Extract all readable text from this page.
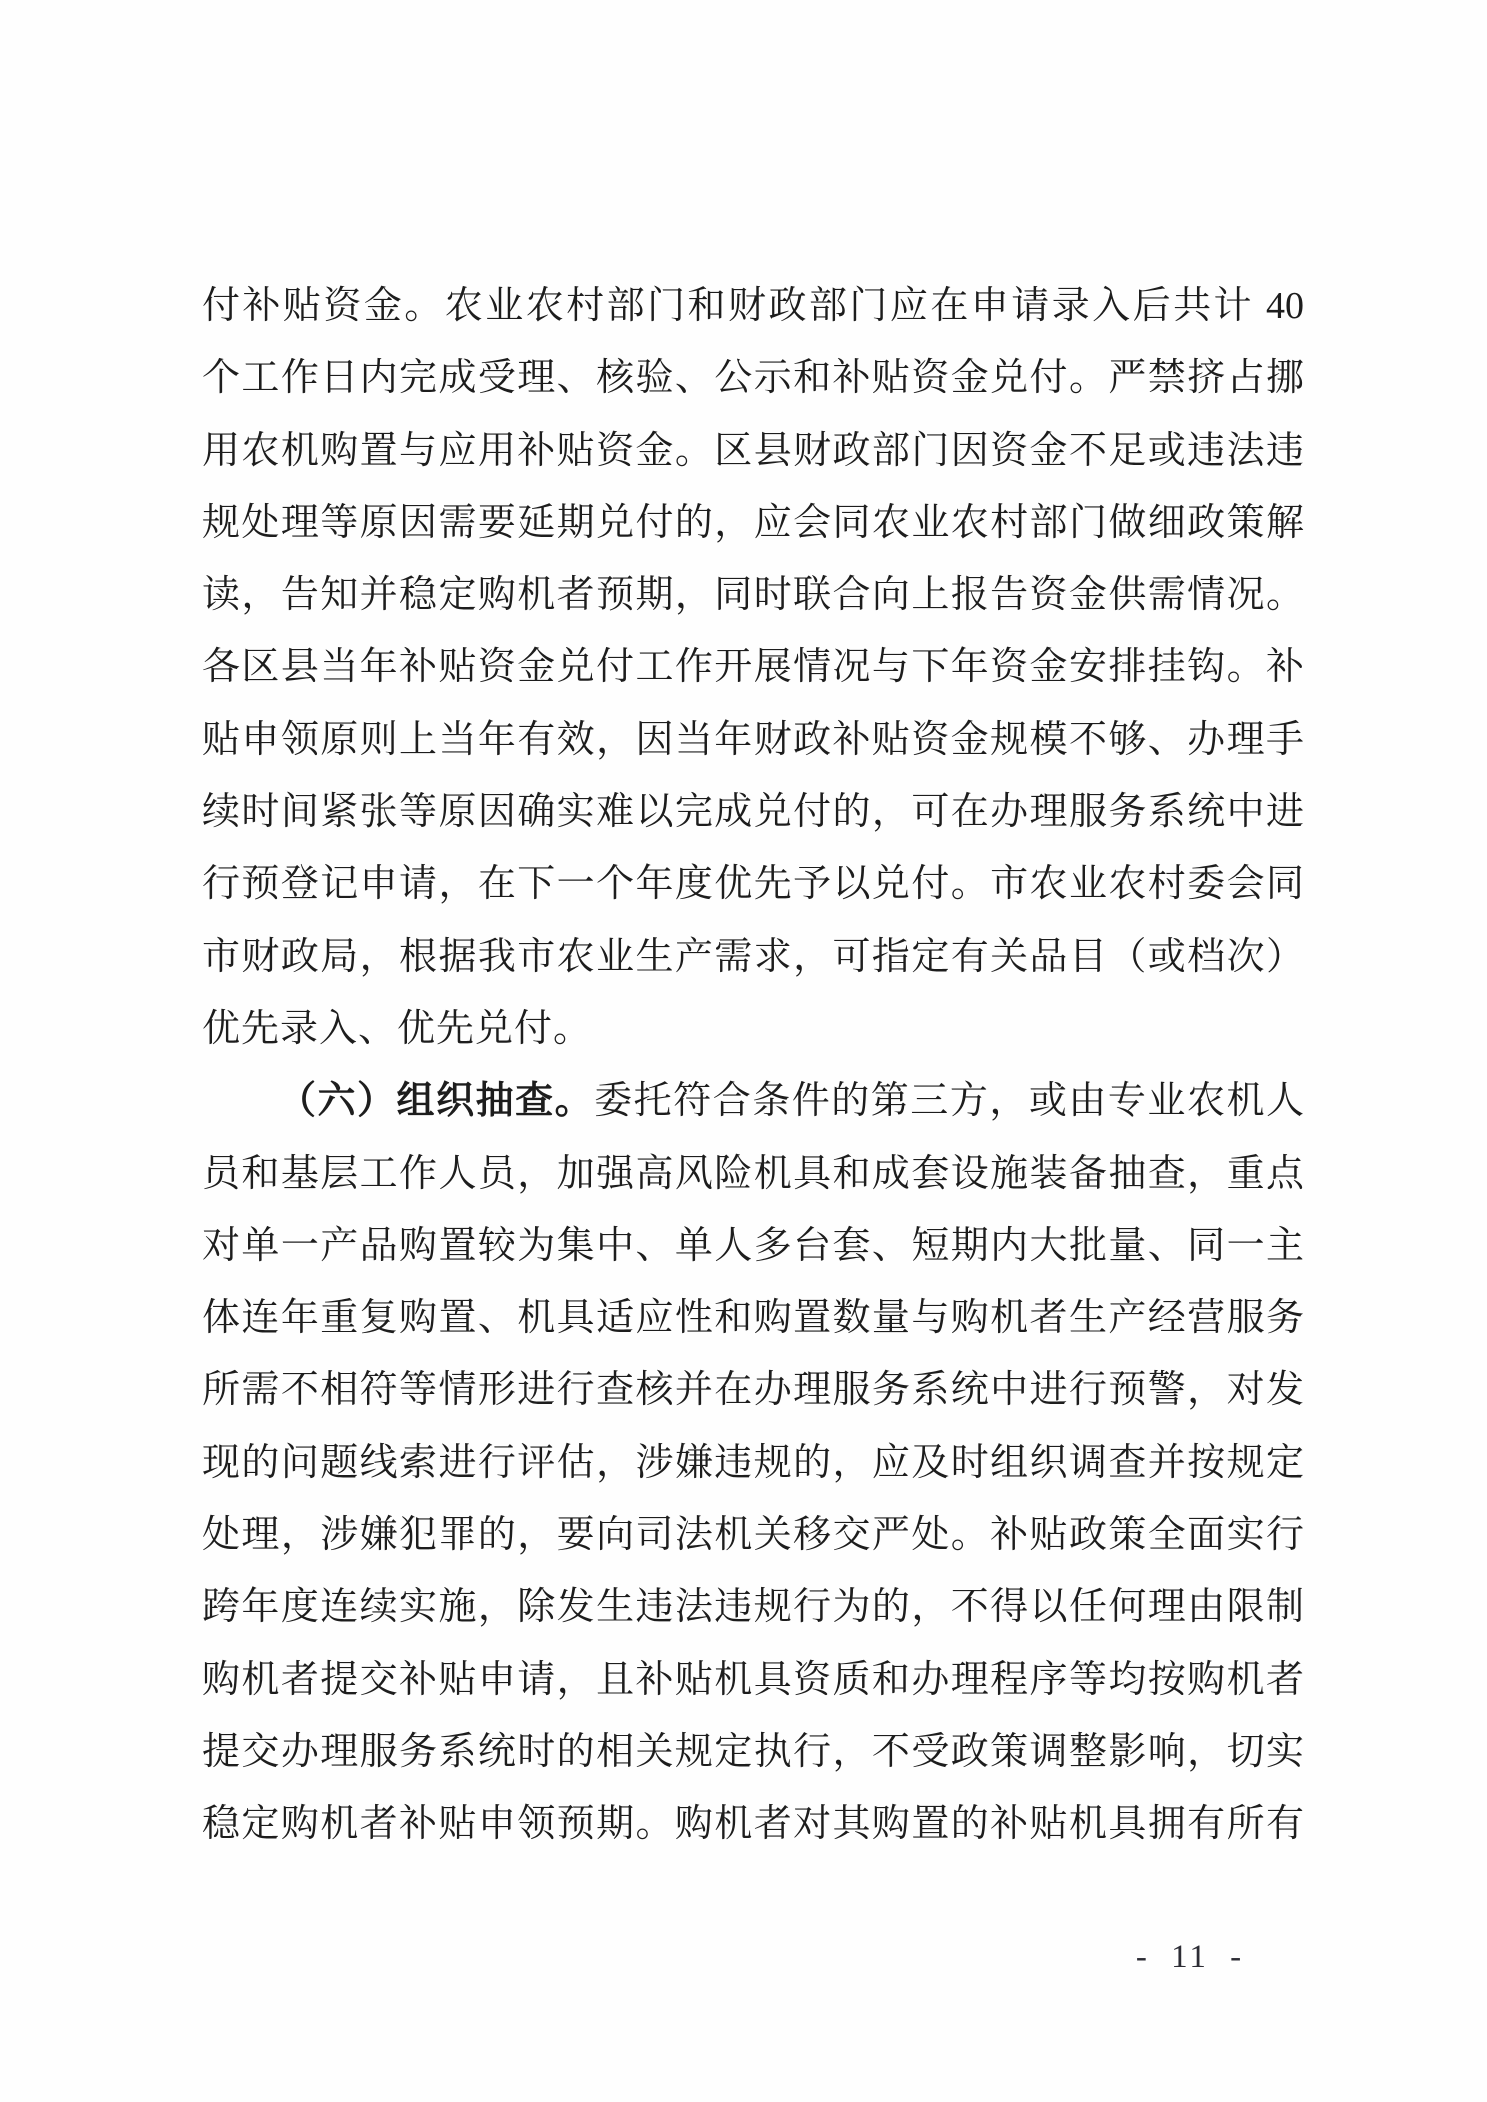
付补贴资金。农业农村部门和财政部门应在申请录入后共计 40
个工作日内完成受理、核验、公示和补贴资金兑付。严禁挤占挪
用农机购置与应用补贴资金。区县财政部门因资金不足或违法违
规处理等原因需要延期兑付的，应会同农业农村部门做细政策解
读，告知并稳定购机者预期，同时联合向上报告资金供需情况。
各区县当年补贴资金兑付工作开展情况与下年资金安排挂钩。补
贴申领原则上当年有效，因当年财政补贴资金规模不够、办理手
续时间紧张等原因确实难以完成兑付的，可在办理服务系统中进
行预登记申请，在下一个年度优先予以兑付。市农业农村委会同
市财政局，根据我市农业生产需求，可指定有关品目（或档次）
优先录入、优先兑付。
（六）组织抽查。委托符合条件的第三方，或由专业农机人
员和基层工作人员，加强高风险机具和成套设施装备抽查，重点
对单一产品购置较为集中、单人多台套、短期内大批量、同一主
体连年重复购置、机具适应性和购置数量与购机者生产经营服务
所需不相符等情形进行查核并在办理服务系统中进行预警，对发
现的问题线索进行评估，涉嫌违规的，应及时组织调查并按规定
处理，涉嫌犯罪的，要向司法机关移交严处。补贴政策全面实行
跨年度连续实施，除发生违法违规行为的，不得以任何理由限制
购机者提交补贴申请，且补贴机具资质和办理程序等均按购机者
提交办理服务系统时的相关规定执行，不受政策调整影响，切实
稳定购机者补贴申领预期。购机者对其购置的补贴机具拥有所有
- 11 -
